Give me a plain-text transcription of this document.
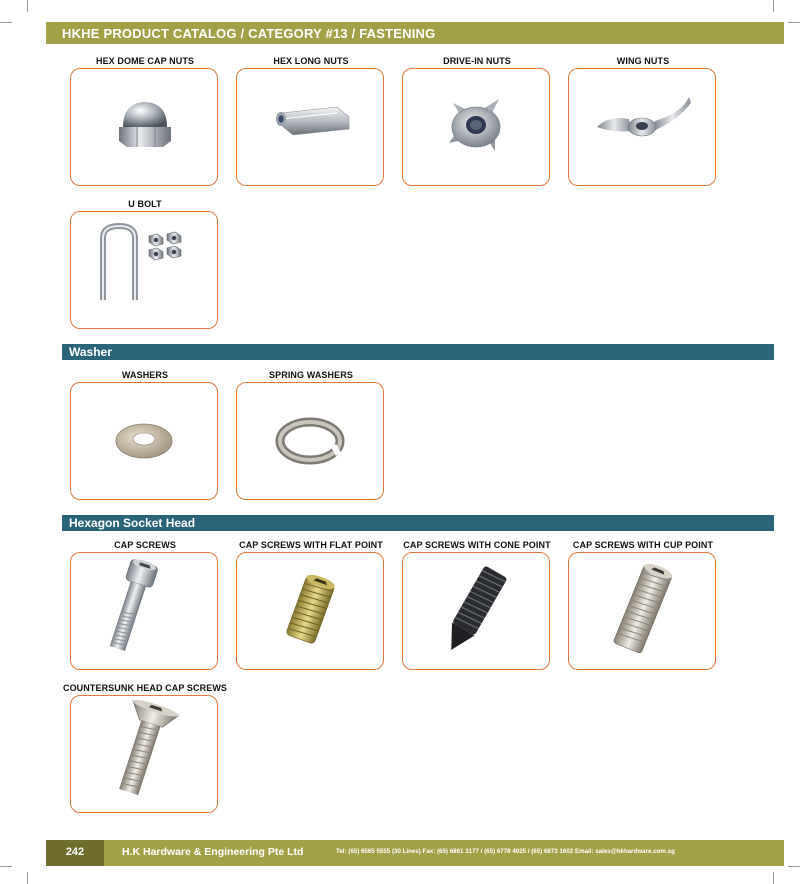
HKHE PRODUCT CATALOG / CATEGORY #13 / FASTENING
HEX DOME CAP NUTS	HEX LONG NUTS	DRIVE-IN NUTS	WING NUTS
U BOLT
Washer
WASHERS	SPRING WASHERS
Hexagon Socket Head
CAP SCREWS	CAP SCREWS WITH FLAT POINT	CAP SCREWS WITH CONE POINT	CAP SCREWS WITH CUP POINT
COUNTERSUNK HEAD CAP SCREWS
242	H.K Hardware & Engineering Pte Ltd	Tel: (65) 6565 5555 (30 Lines) Fax: (65) 6861 3177 / (65) 6778 4025 / (65) 6873 1602 Email: sales@hkhardware.com.sg
